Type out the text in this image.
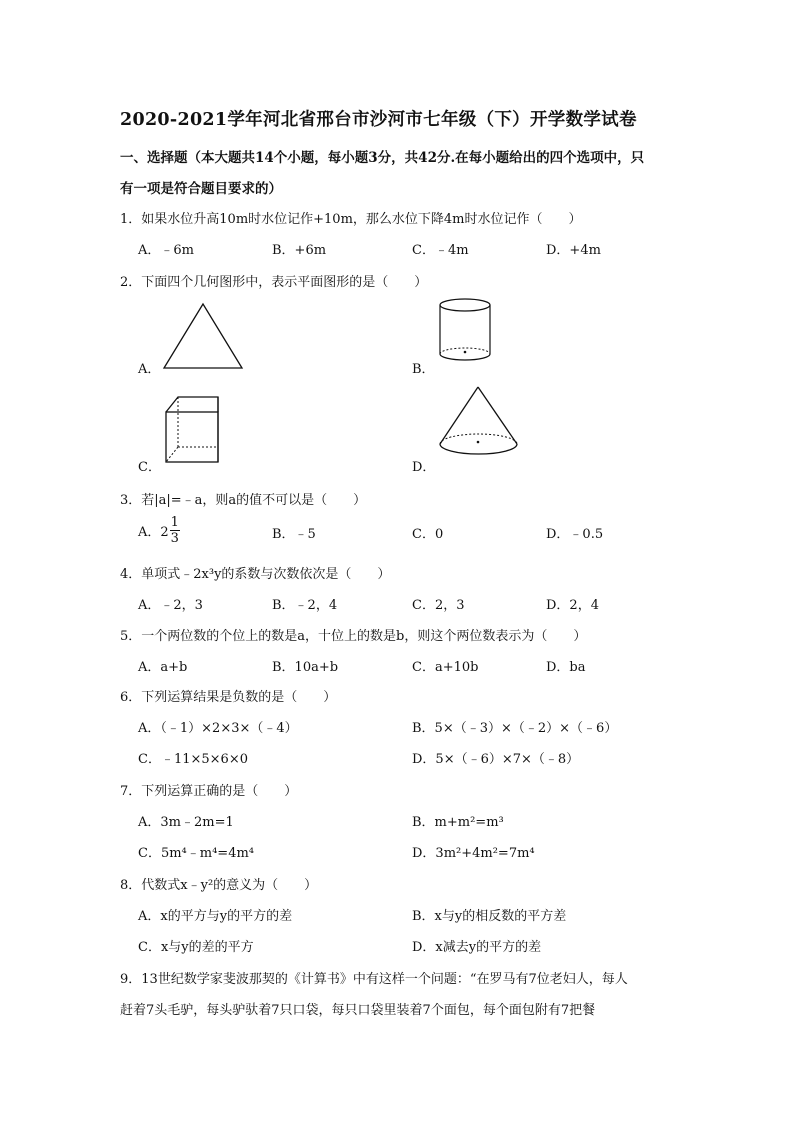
2020-2021学年河北省邢台市沙河市七年级（下）开学数学试卷
一、选择题（本大题共14个小题，每小题3分，共42分.在每小题给出的四个选项中，只
有一项是符合题目要求的）
1．如果水位升高10m时水位记作+10m，那么水位下降4m时水位记作（　　）
A．﹣6m	B．+6m	C．﹣4m	D．+4m
2．下面四个几何图形中，表示平面图形的是（　　）
A．	B．
C．	D．
3．若|a|=﹣a，则a的值不可以是（　　）
A．$2 \frac{1}{3}$	B．﹣5	C．0	D．﹣0.5
4．单项式﹣2x³y的系数与次数依次是（　　）
A．﹣2，3	B．﹣2，4	C．2，3	D．2，4
5．一个两位数的个位上的数是a，十位上的数是b，则这个两位数表示为（　　）
A．a+b	B．10a+b	C．a+10b	D．ba
6．下列运算结果是负数的是（　　）
A．（﹣1）×2×3×（﹣4）	B．5×（﹣3）×（﹣2）×（﹣6）
C．﹣11×5×6×0	D．5×（﹣6）×7×（﹣8）
7．下列运算正确的是（　　）
A．3m﹣2m=1	B．m+m²=m³
C．5m⁴﹣m⁴=4m⁴	D．3m²+4m²=7m⁴
8．代数式x﹣y²的意义为（　　）
A．x的平方与y的平方的差	B．x与y的相反数的平方差
C．x与y的差的平方	D．x减去y的平方的差
9．13世纪数学家斐波那契的《计算书》中有这样一个问题：“在罗马有7位老妇人，每人
赶着7头毛驴，每头驴驮着7只口袋，每只口袋里装着7个面包，每个面包附有7把餐
